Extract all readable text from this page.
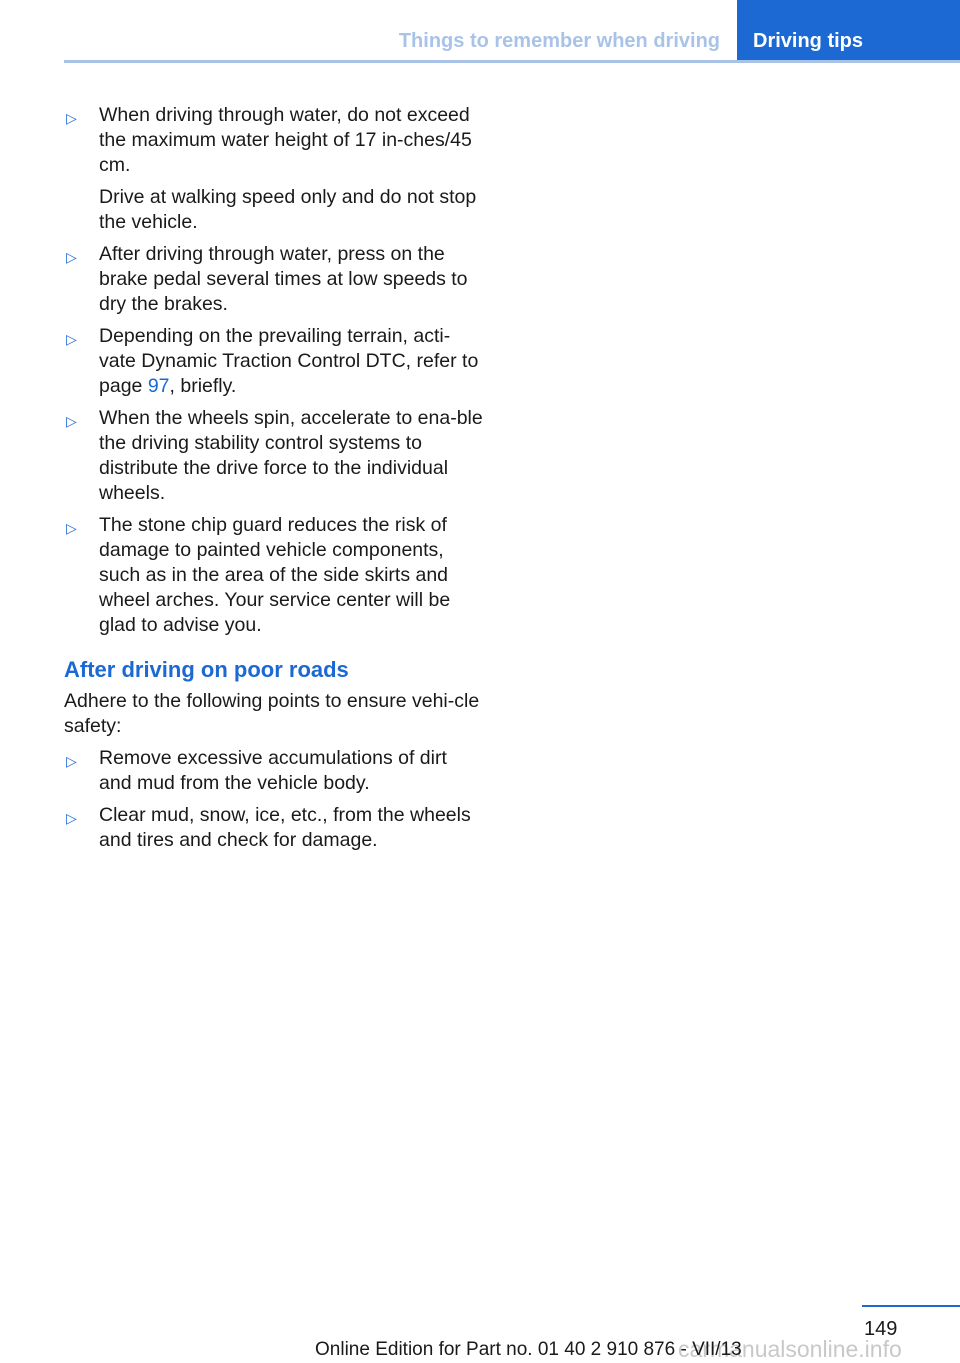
Things to remember when driving	Driving tips
▷ When driving through water, do not exceed the maximum water height of 17 in-ches/45 cm.
Drive at walking speed only and do not stop the vehicle.
▷ After driving through water, press on the brake pedal several times at low speeds to dry the brakes.
▷ Depending on the prevailing terrain, acti-vate Dynamic Traction Control DTC, refer to page 97, briefly.
▷ When the wheels spin, accelerate to ena-ble the driving stability control systems to distribute the drive force to the individual wheels.
▷ The stone chip guard reduces the risk of damage to painted vehicle components, such as in the area of the side skirts and wheel arches. Your service center will be glad to advise you.
After driving on poor roads

Adhere to the following points to ensure vehi-cle safety:

▷ Remove excessive accumulations of dirt and mud from the vehicle body.
▷ Clear mud, snow, ice, etc., from the wheels and tires and check for damage.
149
carmanualsonline.info
Online Edition for Part no. 01 40 2 910 876 - VII/13
